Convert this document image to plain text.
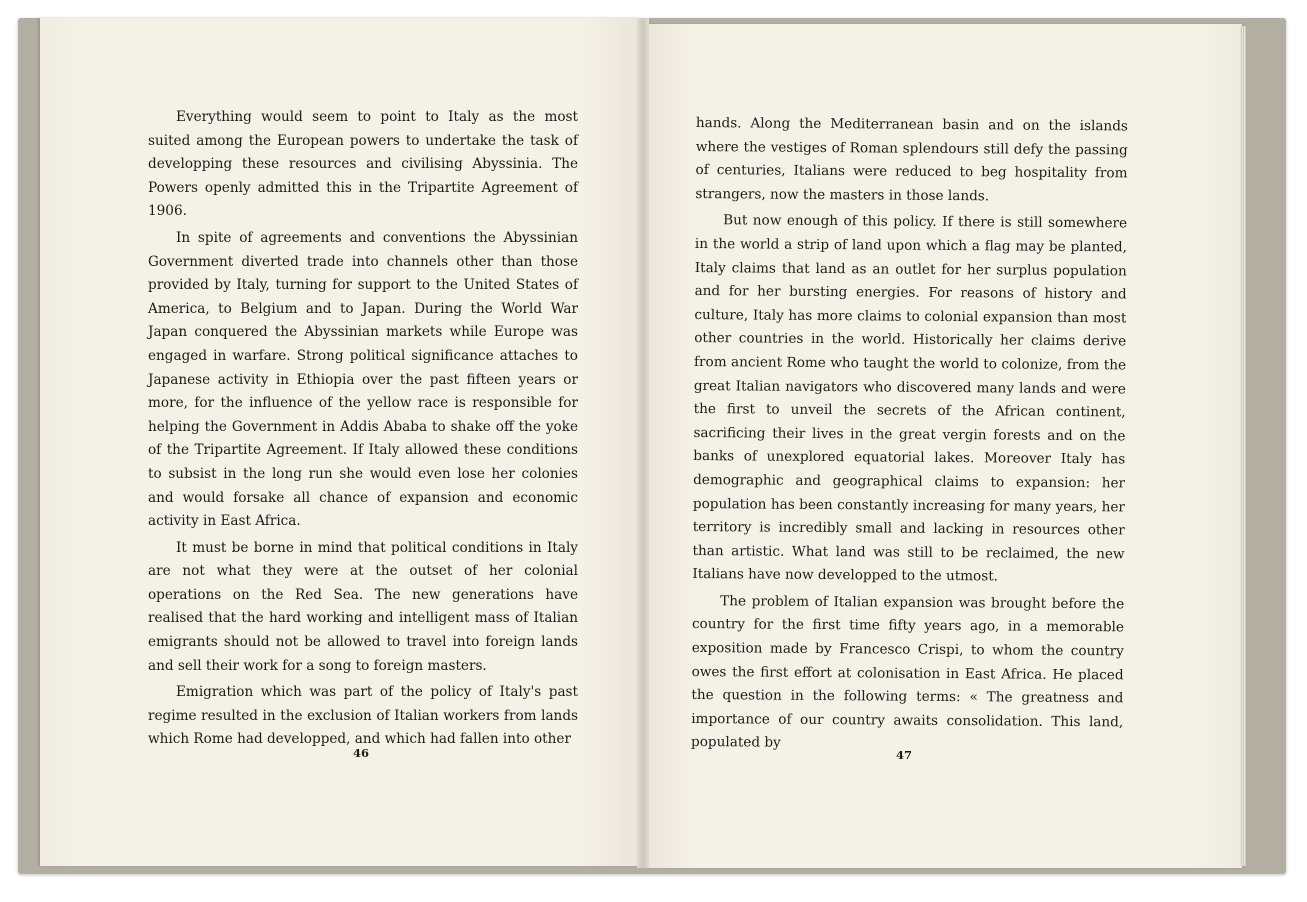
Everything would seem to point to Italy as the most suited among the European powers to undertake the task of developping these resources and civilising Abyssinia. The Powers openly admitted this in the Tripartite Agreement of 1906.

In spite of agreements and conventions the Abyssinian Government diverted trade into channels other than those provided by Italy, turning for support to the United States of America, to Belgium and to Japan. During the World War Japan conquered the Abyssinian markets while Europe was engaged in warfare. Strong political significance attaches to Japanese activity in Ethiopia over the past fifteen years or more, for the influence of the yellow race is responsible for helping the Government in Addis Ababa to shake off the yoke of the Tripartite Agreement. If Italy allowed these conditions to subsist in the long run she would even lose her colonies and would forsake all chance of expansion and economic activity in East Africa.

It must be borne in mind that political conditions in Italy are not what they were at the outset of her colonial operations on the Red Sea. The new generations have realised that the hard working and intelligent mass of Italian emigrants should not be allowed to travel into foreign lands and sell their work for a song to foreign masters.

Emigration which was part of the policy of Italy's past regime resulted in the exclusion of Italian workers from lands which Rome had developped, and which had fallen into other

46

hands. Along the Mediterranean basin and on the islands where the vestiges of Roman splendours still defy the passing of centuries, Italians were reduced to beg hospitality from strangers, now the masters in those lands.

But now enough of this policy. If there is still somewhere in the world a strip of land upon which a flag may be planted, Italy claims that land as an outlet for her surplus population and for her bursting energies. For reasons of history and culture, Italy has more claims to colonial expansion than most other countries in the world. Historically her claims derive from ancient Rome who taught the world to colonize, from the great Italian navigators who discovered many lands and were the first to unveil the secrets of the African continent, sacrificing their lives in the great vergin forests and on the banks of unexplored equatorial lakes. Moreover Italy has demographic and geographical claims to expansion: her population has been constantly increasing for many years, her territory is incredibly small and lacking in resources other than artistic. What land was still to be reclaimed, the new Italians have now developped to the utmost.

The problem of Italian expansion was brought before the country for the first time fifty years ago, in a memorable exposition made by Francesco Crispi, to whom the country owes the first effort at colonisation in East Africa. He placed the question in the following terms: « The greatness and importance of our country awaits consolidation. This land, populated by

47
